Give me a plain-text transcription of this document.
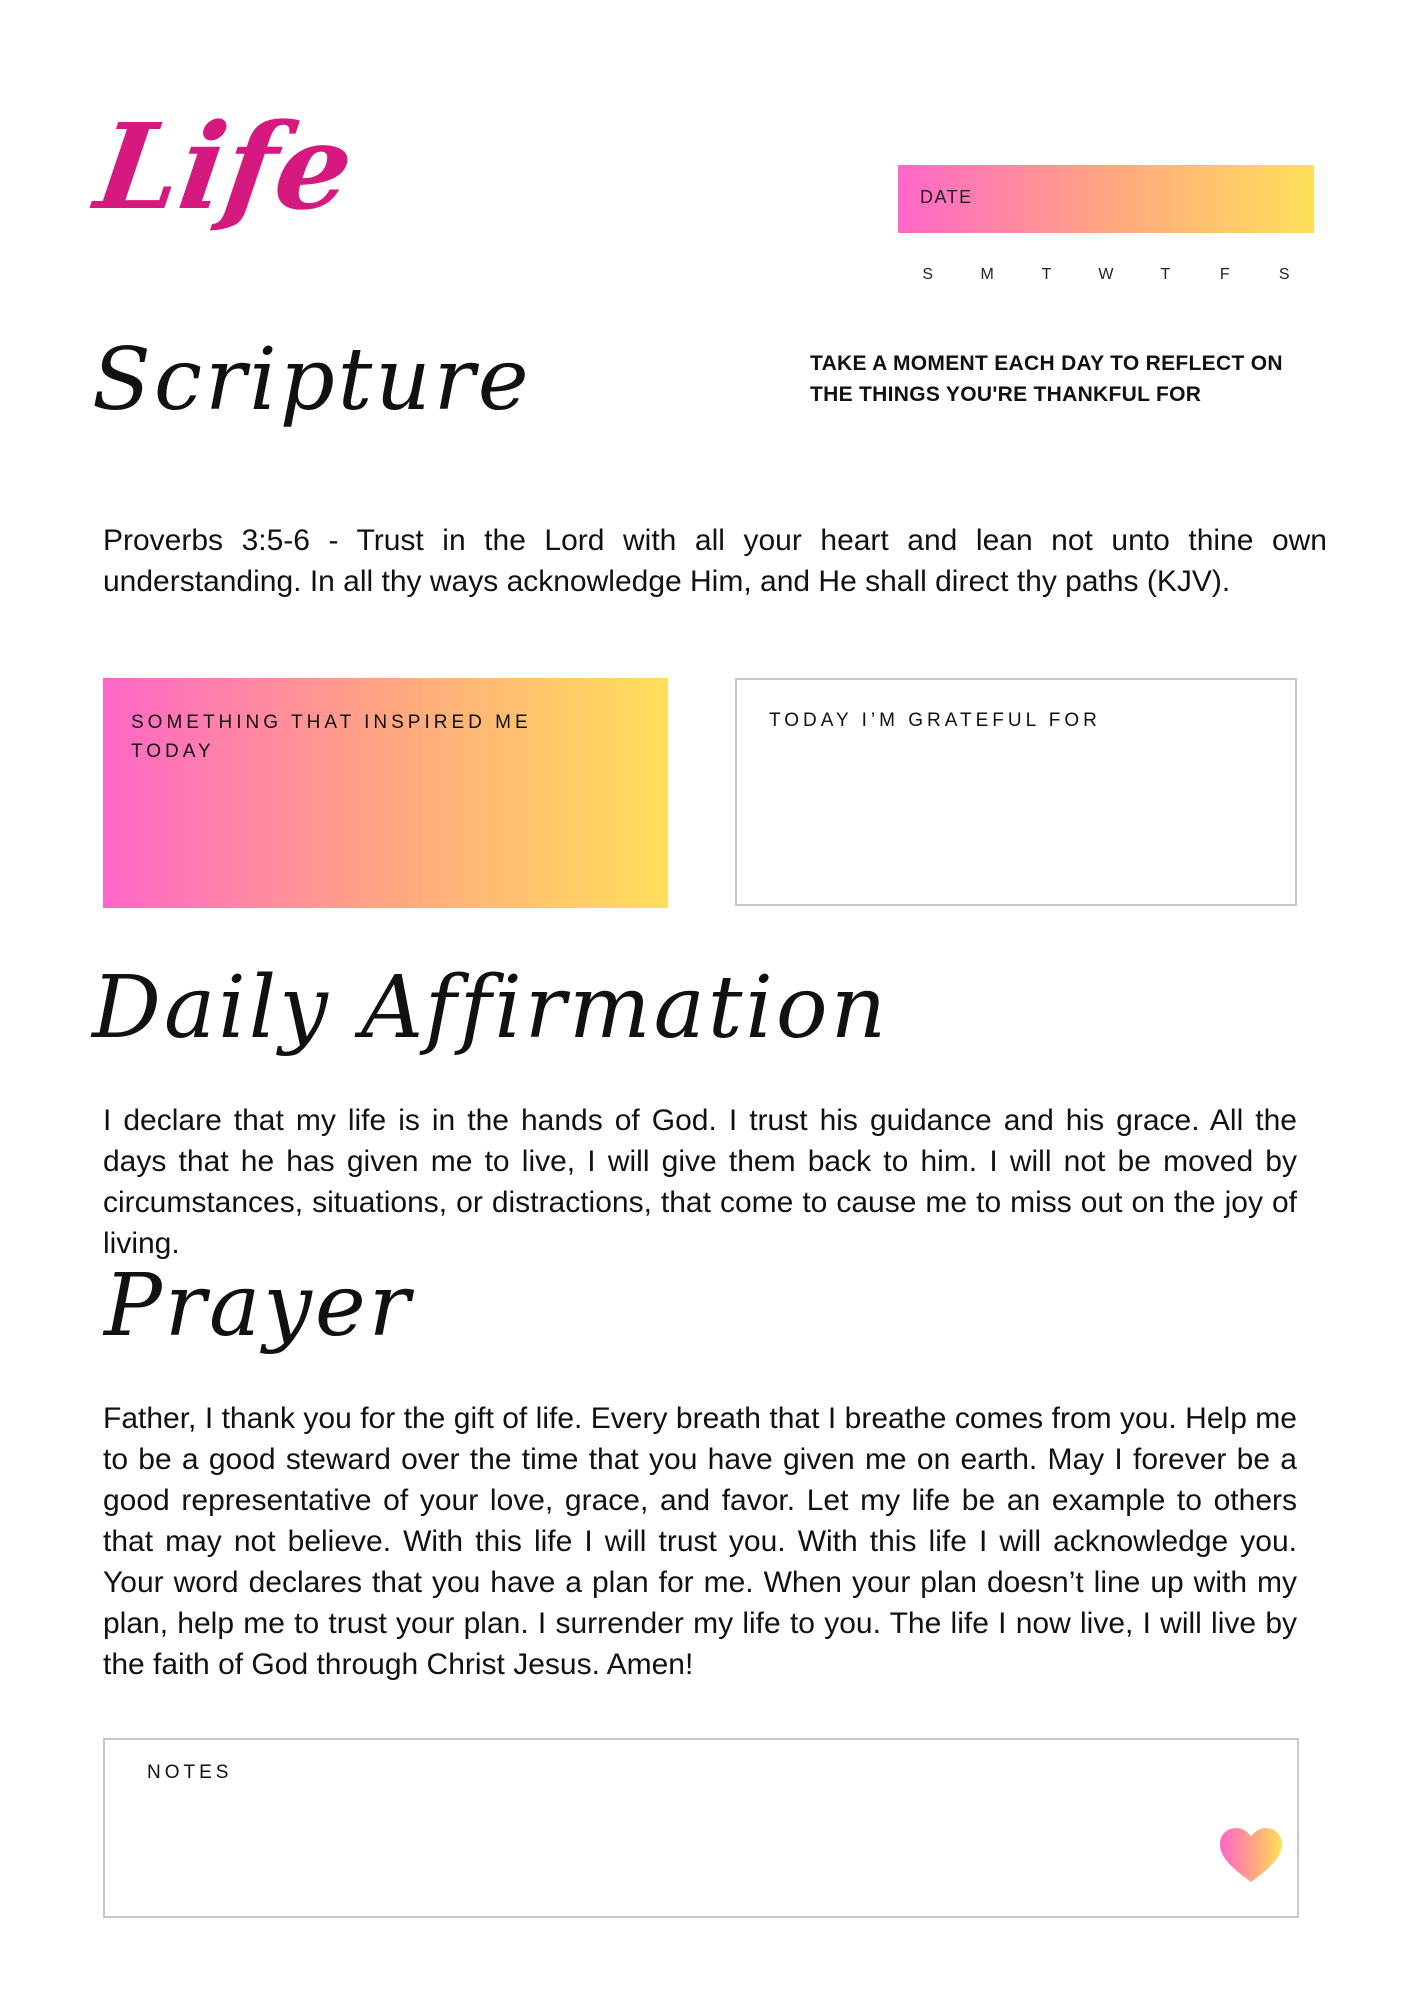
Life	DATE
S	M	T	W	T	F	S
Scripture	TAKE A MOMENT EACH DAY TO REFLECT ON THE THINGS YOU'RE THANKFUL FOR
Proverbs 3:5-6 - Trust in the Lord with all your heart and lean not unto thine own understanding. In all thy ways acknowledge Him, and He shall direct thy paths (KJV).
SOMETHING THAT INSPIRED ME TODAY
TODAY I’M GRATEFUL FOR
Daily Affirmation
I declare that my life is in the hands of God. I trust his guidance and his grace. All the days that he has given me to live, I will give them back to him. I will not be moved by circumstances, situations, or distractions, that come to cause me to miss out on the joy of living.
Prayer
Father, I thank you for the gift of life. Every breath that I breathe comes from you. Help me to be a good steward over the time that you have given me on earth. May I forever be a good representative of your love, grace, and favor. Let my life be an example to others that may not believe. With this life I will trust you. With this life I will acknowledge you. Your word declares that you have a plan for me. When your plan doesn’t line up with my plan, help me to trust your plan. I surrender my life to you. The life I now live, I will live by the faith of God through Christ Jesus. Amen!
NOTES
